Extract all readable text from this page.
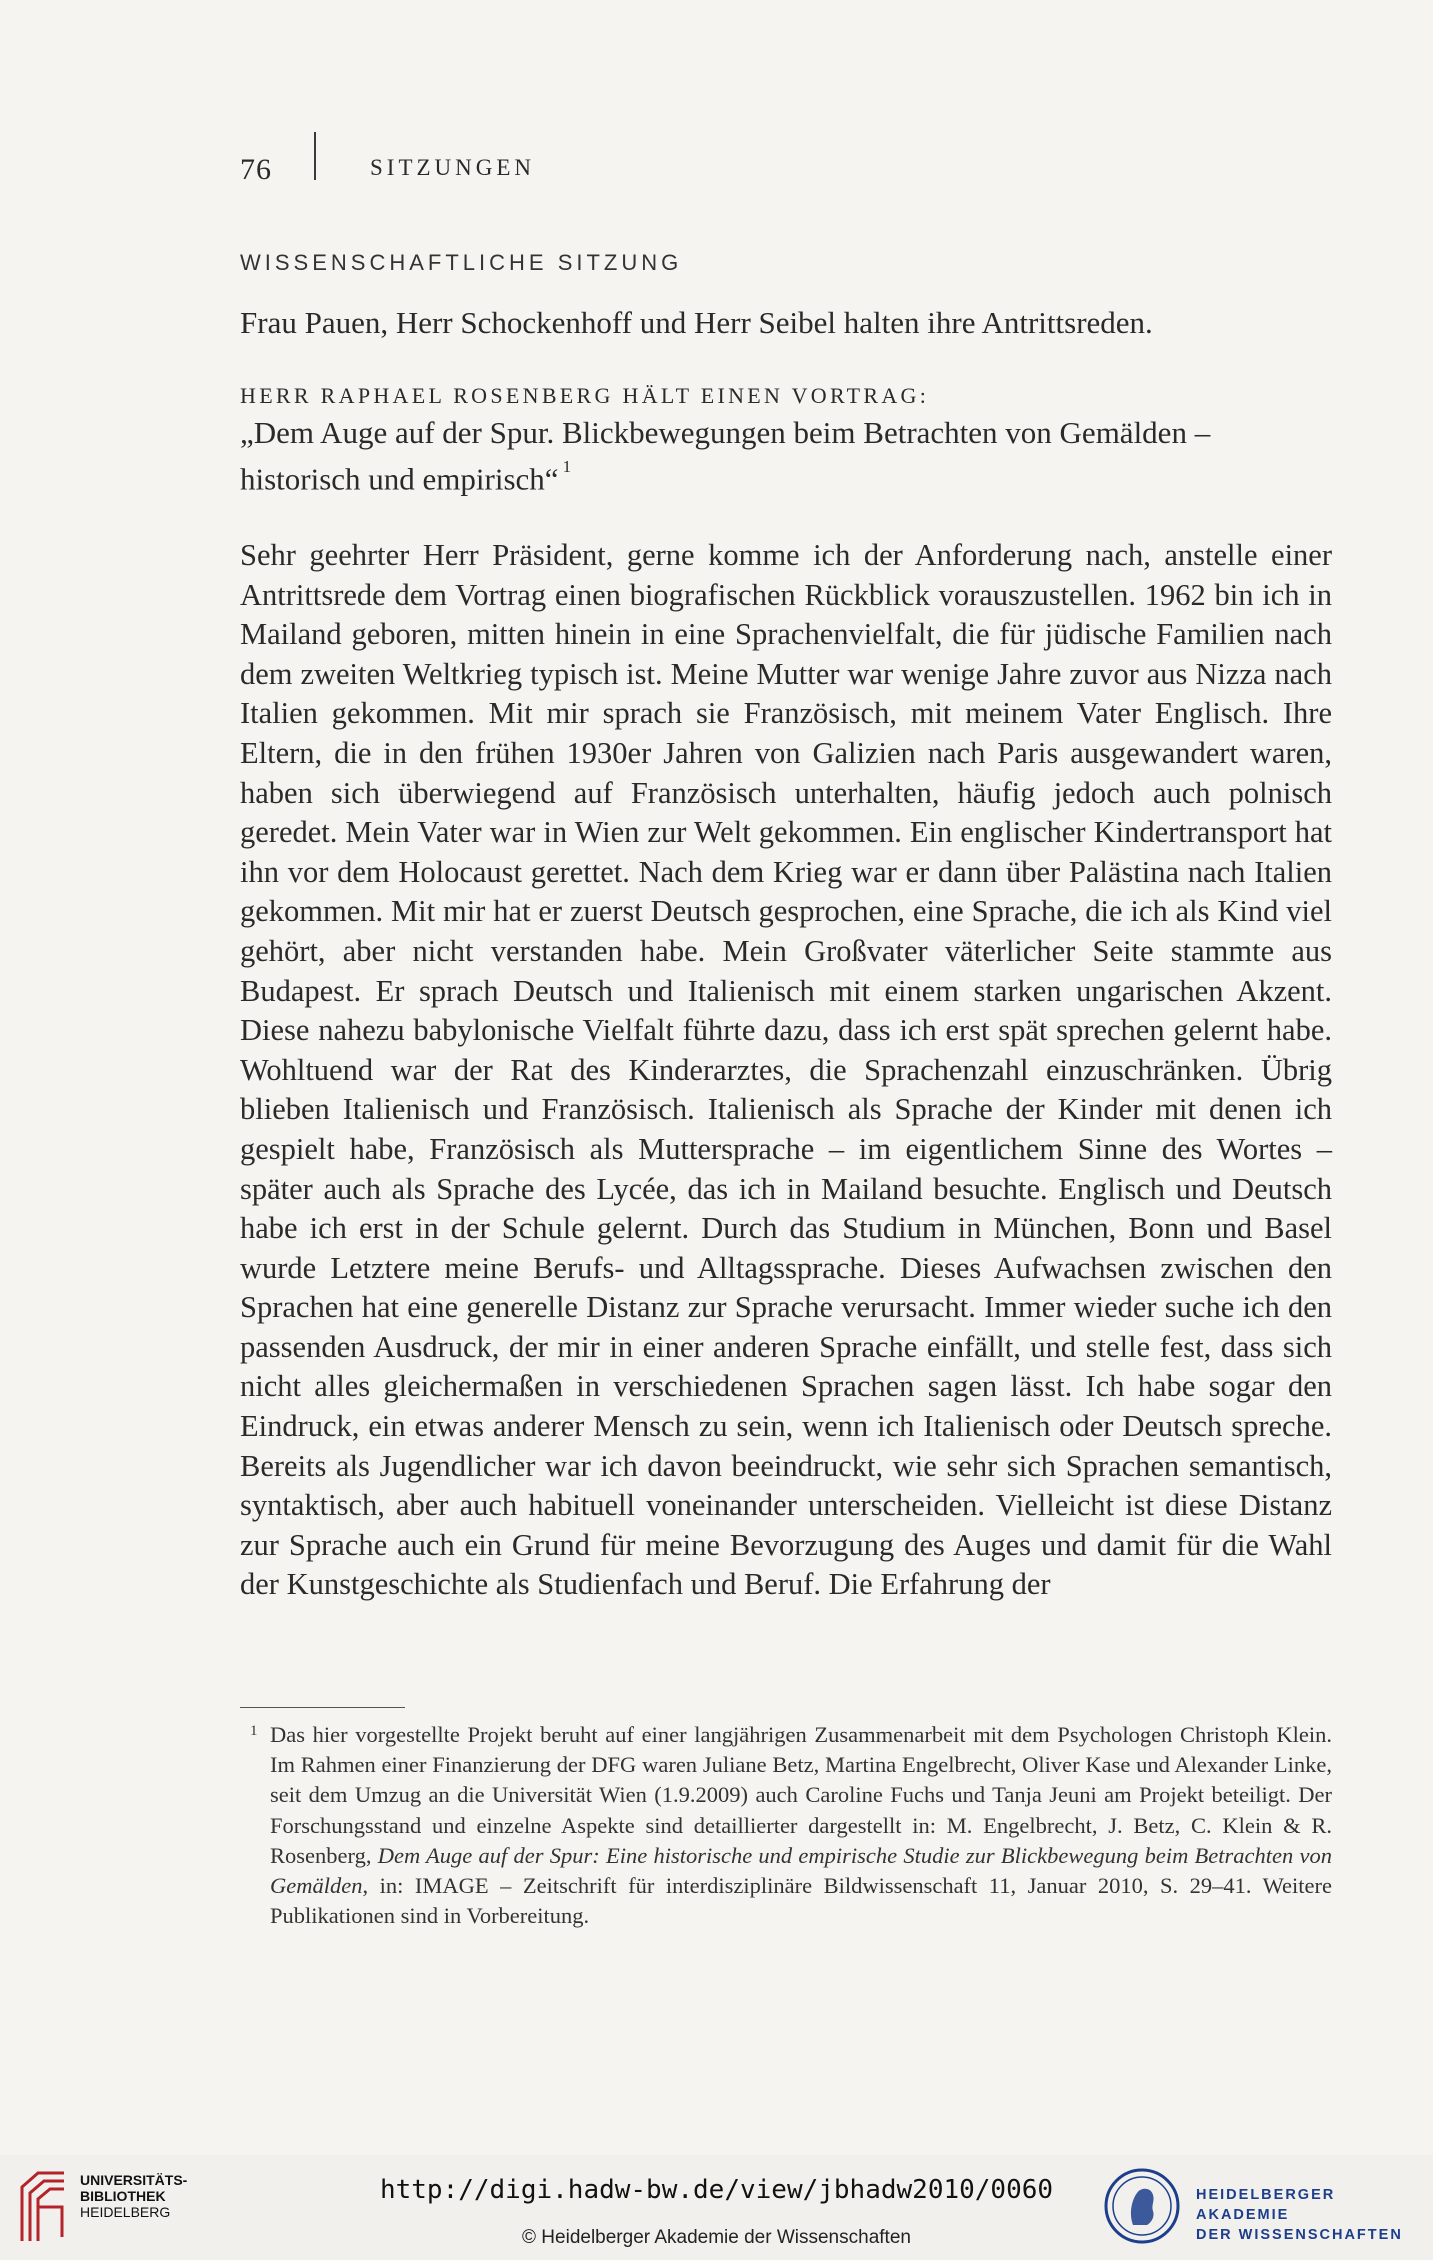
76	SITZUNGEN
WISSENSCHAFTLICHE SITZUNG
Frau Pauen, Herr Schockenhoff und Herr Seibel halten ihre Antrittsreden.
HERR RAPHAEL ROSENBERG HÄLT EINEN VORTRAG:
„Dem Auge auf der Spur. Blickbewegungen beim Betrachten von Gemälden – historisch und empirisch“ $^1$
Sehr geehrter Herr Präsident, gerne komme ich der Anforderung nach, anstelle einer Antrittsrede dem Vortrag einen biografischen Rückblick vorauszustellen. 1962 bin ich in Mailand geboren, mitten hinein in eine Sprachenvielfalt, die für jüdische Familien nach dem zweiten Weltkrieg typisch ist. Meine Mutter war wenige Jahre zuvor aus Nizza nach Italien gekommen. Mit mir sprach sie Französisch, mit meinem Vater Englisch. Ihre Eltern, die in den frühen 1930er Jahren von Galizien nach Paris ausgewandert waren, haben sich überwiegend auf Französisch unterhalten, häufig jedoch auch polnisch geredet. Mein Vater war in Wien zur Welt gekommen. Ein englischer Kindertransport hat ihn vor dem Holocaust gerettet. Nach dem Krieg war er dann über Palästina nach Italien gekommen. Mit mir hat er zuerst Deutsch gesprochen, eine Sprache, die ich als Kind viel gehört, aber nicht verstanden habe. Mein Großvater väterlicher Seite stammte aus Budapest. Er sprach Deutsch und Italienisch mit einem starken ungarischen Akzent. Diese nahezu babylonische Vielfalt führte dazu, dass ich erst spät sprechen gelernt habe. Wohltuend war der Rat des Kinderarztes, die Sprachenzahl einzuschränken. Übrig blieben Italienisch und Französisch. Italienisch als Sprache der Kinder mit denen ich gespielt habe, Französisch als Muttersprache – im eigentlichem Sinne des Wortes – später auch als Sprache des Lycée, das ich in Mailand besuchte. Englisch und Deutsch habe ich erst in der Schule gelernt. Durch das Studium in München, Bonn und Basel wurde Letztere meine Berufs- und Alltagssprache. Dieses Aufwachsen zwischen den Sprachen hat eine generelle Distanz zur Sprache verursacht. Immer wieder suche ich den passenden Ausdruck, der mir in einer anderen Sprache einfällt, und stelle fest, dass sich nicht alles gleichermaßen in verschiedenen Sprachen sagen lässt. Ich habe sogar den Eindruck, ein etwas anderer Mensch zu sein, wenn ich Italienisch oder Deutsch spreche. Bereits als Jugendlicher war ich davon beeindruckt, wie sehr sich Sprachen semantisch, syntaktisch, aber auch habituell voneinander unterscheiden. Vielleicht ist diese Distanz zur Sprache auch ein Grund für meine Bevorzugung des Auges und damit für die Wahl der Kunstgeschichte als Studienfach und Beruf. Die Erfahrung der
1 Das hier vorgestellte Projekt beruht auf einer langjährigen Zusammenarbeit mit dem Psychologen Christoph Klein. Im Rahmen einer Finanzierung der DFG waren Juliane Betz, Martina Engelbrecht, Oliver Kase und Alexander Linke, seit dem Umzug an die Universität Wien (1.9.2009) auch Caroline Fuchs und Tanja Jeuni am Projekt beteiligt. Der Forschungsstand und einzelne Aspekte sind detaillierter dargestellt in: M. Engelbrecht, J. Betz, C. Klein & R. Rosenberg, Dem Auge auf der Spur: Eine historische und empirische Studie zur Blickbewegung beim Betrachten von Gemälden, in: IMAGE – Zeitschrift für interdisziplinäre Bildwissenschaft 11, Januar 2010, S. 29–41. Weitere Publikationen sind in Vorbereitung.
UNIVERSITÄTS-
BIBLIOTHEK
HEIDELBERG
http://digi.hadw-bw.de/view/jbhadw2010/0060
© Heidelberger Akademie der Wissenschaften
HEIDELBERGER AKADEMIE
DER WISSENSCHAFTEN
